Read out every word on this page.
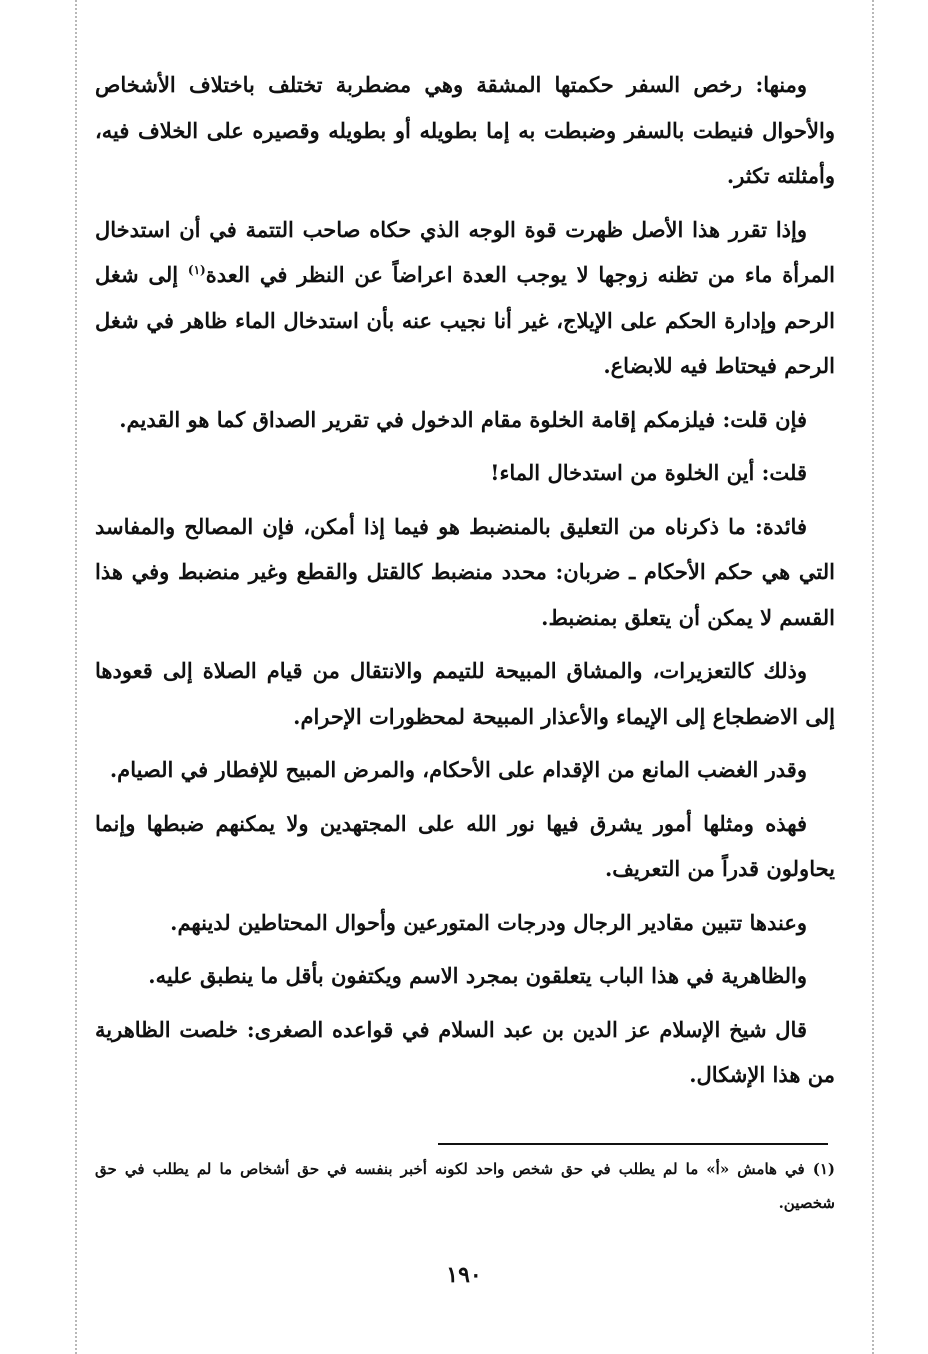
ومنها: رخص السفر حكمتها المشقة وهي مضطربة تختلف باختلاف الأشخاص والأحوال فنيطت بالسفر وضبطت به إما بطويله أو بطويله وقصيره على الخلاف فيه، وأمثلته تكثر.

وإذا تقرر هذا الأصل ظهرت قوة الوجه الذي حكاه صاحب التتمة في أن استدخال المرأة ماء من تظنه زوجها لا يوجب العدة اعراضاً عن النظر في العدة$^{(١)}$ إلى شغل الرحم وإدارة الحكم على الإيلاج، غير أنا نجيب عنه بأن استدخال الماء ظاهر في شغل الرحم فيحتاط فيه للابضاع.

فإن قلت: فيلزمكم إقامة الخلوة مقام الدخول في تقرير الصداق كما هو القديم.

قلت: أين الخلوة من استدخال الماء!

فائدة: ما ذكرناه من التعليق بالمنضبط هو فيما إذا أمكن، فإن المصالح والمفاسد التي هي حكم الأحكام ـ ضربان: محدد منضبط كالقتل والقطع وغير منضبط وفي هذا القسم لا يمكن أن يتعلق بمنضبط.

وذلك كالتعزيرات، والمشاق المبيحة للتيمم والانتقال من قيام الصلاة إلى قعودها إلى الاضطجاع إلى الإيماء والأعذار المبيحة لمحظورات الإحرام.

وقدر الغضب المانع من الإقدام على الأحكام، والمرض المبيح للإفطار في الصيام.

فهذه ومثلها أمور يشرق فيها نور الله على المجتهدين ولا يمكنهم ضبطها وإنما يحاولون قدراً من التعريف.

وعندها تتبين مقادير الرجال ودرجات المتورعين وأحوال المحتاطين لدينهم.

والظاهرية في هذا الباب يتعلقون بمجرد الاسم ويكتفون بأقل ما ينطبق عليه.

قال شيخ الإسلام عز الدين بن عبد السلام في قواعده الصغرى: خلصت الظاهرية من هذا الإشكال.

(١) في هامش «أ» ما لم يطلب في حق شخص واحد لكونه أخبر بنفسه في حق أشخاص ما لم يطلب في حق شخصين.
١٩٠
